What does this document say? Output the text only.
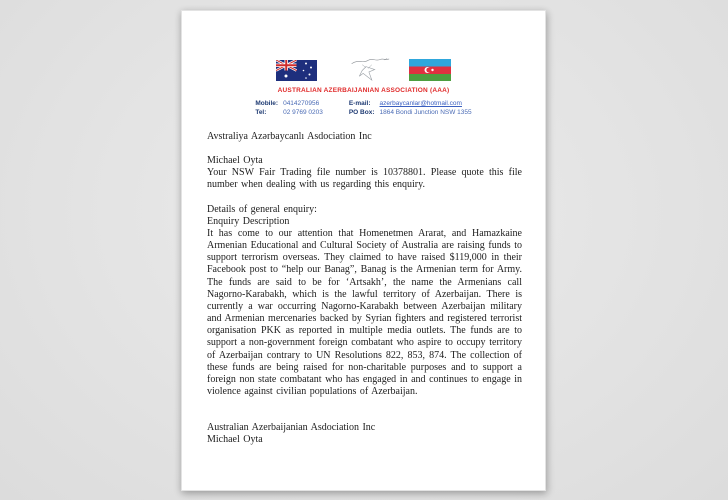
AUSTRALIAN AZERBAIJANIAN ASSOCIATION (AAA)
Mobile: 0414270956
Tel:	02 9769 0203
E-mail:	azerbaycanlar@hotmail.com
PO Box: 1864 Bondi Junction NSW 1355

Avstraliya Azərbaycanlı Asdociation Inc

Michael Oyta

Your NSW Fair Trading file number is 10378801. Please quote this file number when dealing with us regarding this enquiry.

Details of general enquiry:

Enquiry Description

It has come to our attention that Homenetmen Ararat, and Hamazkaine Armenian Educational and Cultural Society of Australia are raising funds to support terrorism overseas. They claimed to have raised $119,000 in their Facebook post to “help our Banag”, Banag is the Armenian term for Army. The funds are said to be for ‘Artsakh’, the name the Armenians call Nagorno-Karabakh, which is the lawful territory of Azerbaijan. There is currently a war occurring Nagorno-Karabakh between Azerbaijan military and Armenian mercenaries backed by Syrian fighters and registered terrorist organisation PKK as reported in multiple media outlets. The funds are to support a non-government foreign combatant who aspire to occupy territory of Azerbaijan contrary to UN Resolutions 822, 853, 874. The collection of these funds are being raised for non-charitable purposes and to support a foreign non state combatant who has engaged in and continues to engage in violence against civilian populations of Azerbaijan.

Australian Azerbaijanian Asdociation Inc

Michael Oyta
